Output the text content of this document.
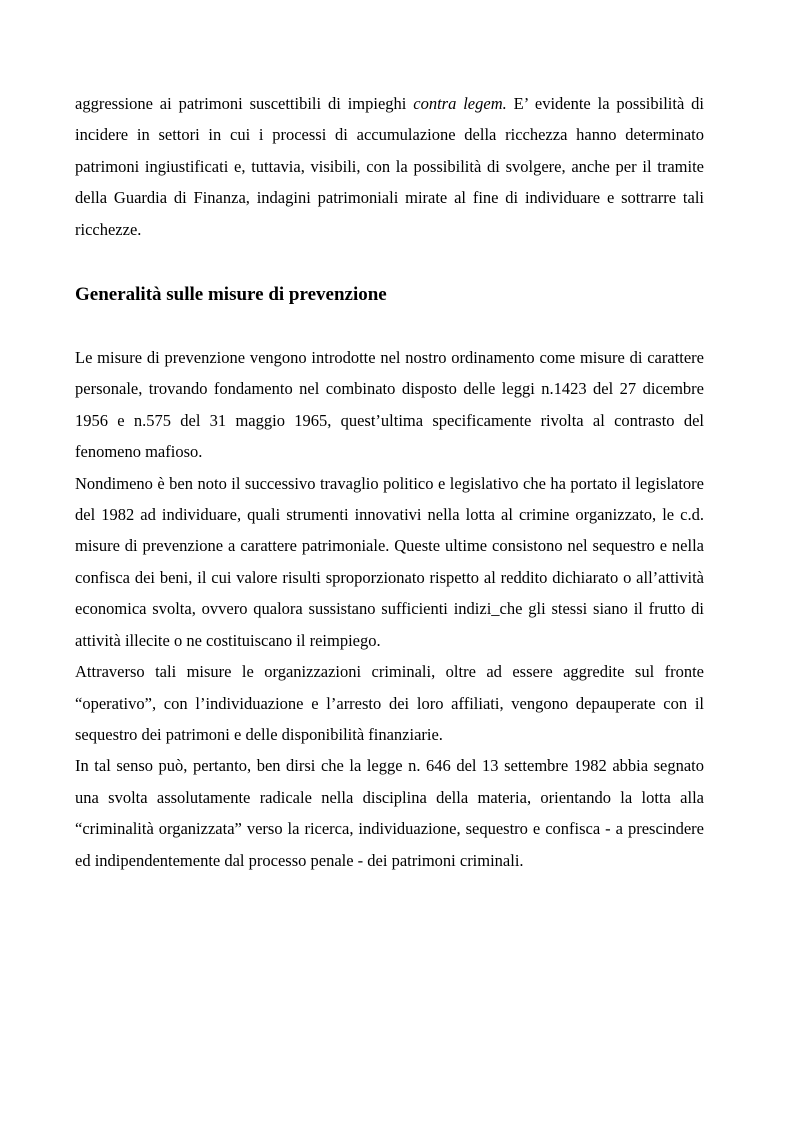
aggressione ai patrimoni suscettibili di impieghi contra legem. E’ evidente la possibilità di incidere in settori in cui i processi di accumulazione della ricchezza hanno determinato patrimoni ingiustificati e, tuttavia, visibili, con la possibilità di svolgere, anche per il tramite della Guardia di Finanza, indagini patrimoniali mirate al fine di individuare e sottrarre tali ricchezze.

Generalità sulle misure di prevenzione

Le misure di prevenzione vengono introdotte nel nostro ordinamento come misure di carattere personale, trovando fondamento nel combinato disposto delle leggi n.1423 del 27 dicembre 1956 e n.575 del 31 maggio 1965, quest’ultima specificamente rivolta al contrasto del fenomeno mafioso.

Nondimeno è ben noto il successivo travaglio politico e legislativo che ha portato il legislatore del 1982 ad individuare, quali strumenti innovativi nella lotta al crimine organizzato, le c.d. misure di prevenzione a carattere patrimoniale. Queste ultime consistono nel sequestro e nella confisca dei beni, il cui valore risulti sproporzionato rispetto al reddito dichiarato o all’attività economica svolta, ovvero qualora sussistano sufficienti indizi_che gli stessi siano il frutto di attività illecite o ne costituiscano il reimpiego.

Attraverso tali misure le organizzazioni criminali, oltre ad essere aggredite sul fronte “operativo”, con l’individuazione e l’arresto dei loro affiliati, vengono depauperate con il sequestro dei patrimoni e delle disponibilità finanziarie.

In tal senso può, pertanto, ben dirsi che la legge n. 646 del 13 settembre 1982 abbia segnato una svolta assolutamente radicale nella disciplina della materia, orientando la lotta alla “criminalità organizzata” verso la ricerca, individuazione, sequestro e confisca - a prescindere ed indipendentemente dal processo penale - dei patrimoni criminali.
